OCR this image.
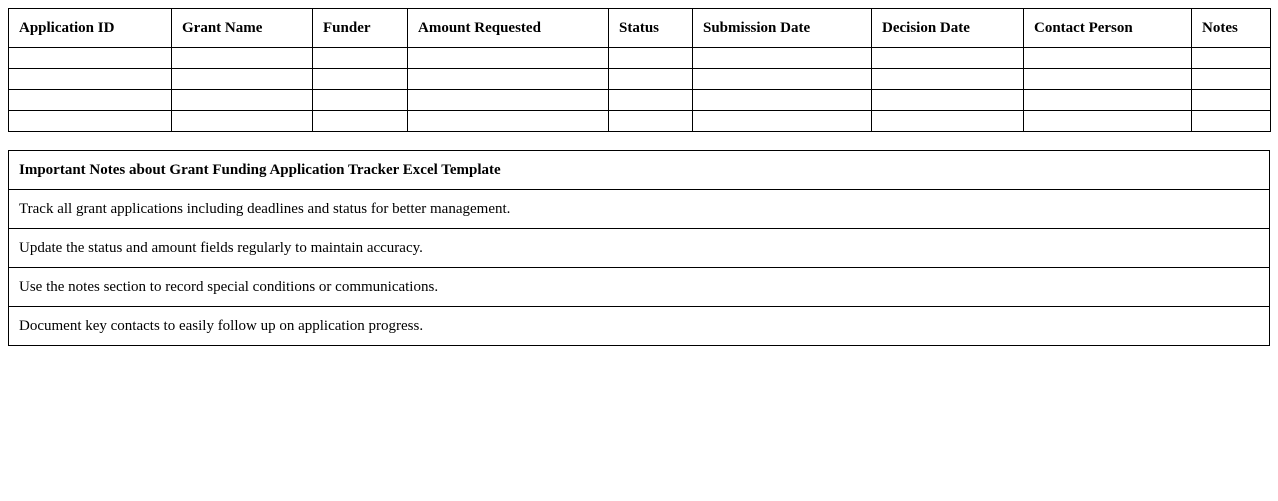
Application ID	Grant Name	Funder	Amount Requested	Status	Submission Date	Decision Date	Contact Person	Notes

Important Notes about Grant Funding Application Tracker Excel Template
Track all grant applications including deadlines and status for better management.
Update the status and amount fields regularly to maintain accuracy.
Use the notes section to record special conditions or communications.
Document key contacts to easily follow up on application progress.
